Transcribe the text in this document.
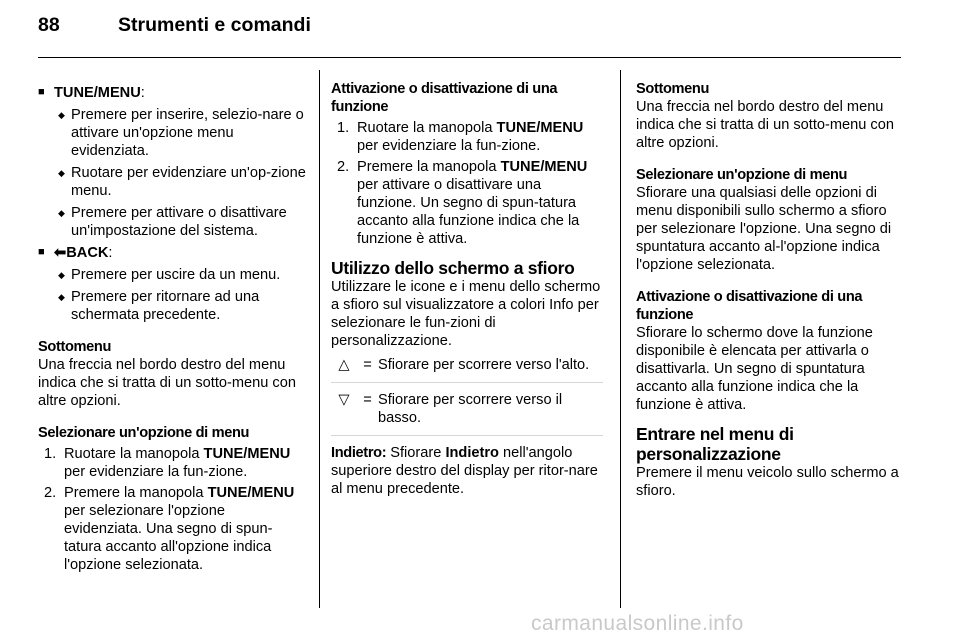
88	Strumenti e comandi
■ TUNE/MENU:
◆ Premere per inserire, selezio-nare o attivare un'opzione menu evidenziata.
◆ Ruotare per evidenziare un'op-zione menu.
◆ Premere per attivare o disattivare un'impostazione del sistema.
■ ⬅︎BACK:
◆ Premere per uscire da un menu.
◆ Premere per ritornare ad una schermata precedente.

Sottomenu

Una freccia nel bordo destro del menu indica che si tratta di un sotto-menu con altre opzioni.

Selezionare un'opzione di menu

1. Ruotare la manopola TUNE/MENU per evidenziare la fun-zione.
2. Premere la manopola TUNE/MENU per selezionare l'opzione evidenziata. Una segno di spun-tatura accanto all'opzione indica l'opzione selezionata.

Attivazione o disattivazione di una funzione

1. Ruotare la manopola TUNE/MENU per evidenziare la fun-zione.
2. Premere la manopola TUNE/MENU per attivare o disattivare una funzione. Un segno di spun-tatura accanto alla funzione indica che la funzione è attiva.

Utilizzo dello schermo a sfioro

Utilizzare le icone e i menu dello schermo a sfioro sul visualizzatore a colori Info per selezionare le fun-zioni di personalizzazione.

△ = Sfiorare per scorrere verso l'alto.
▽ = Sfiorare per scorrere verso il basso.

Indietro: Sfiorare Indietro nell'angolo superiore destro del display per ritor-nare al menu precedente.

Sottomenu

Una freccia nel bordo destro del menu indica che si tratta di un sotto-menu con altre opzioni.

Selezionare un'opzione di menu

Sfiorare una qualsiasi delle opzioni di menu disponibili sullo schermo a sfioro per selezionare l'opzione. Una segno di spuntatura accanto al-l'opzione indica l'opzione selezionata.

Attivazione o disattivazione di una funzione

Sfiorare lo schermo dove la funzione disponibile è elencata per attivarla o disattivarla. Un segno di spuntatura accanto alla funzione indica che la funzione è attiva.

Entrare nel menu di personalizzazione

Premere il menu veicolo sullo schermo a sfioro.

carmanualsonline.info
